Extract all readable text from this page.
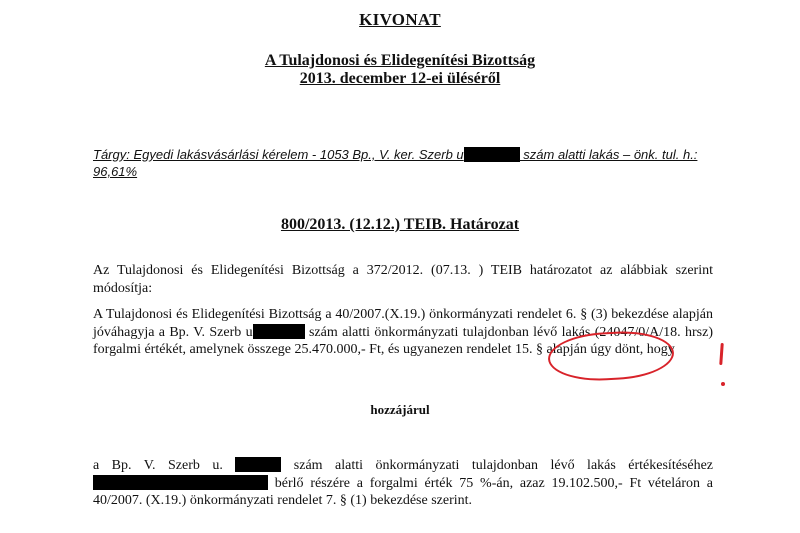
KIVONAT
A Tulajdonosi és Elidegenítési Bizottság
2013. december 12-ei üléséről
Tárgy: Egyedi lakásvásárlási kérelem - 1053 Bp., V. ker. Szerb u	szám alatti lakás – önk. tul. h.: 96,61%
800/2013. (12.12.) TEIB. Határozat
Az Tulajdonosi és Elidegenítési Bizottság a 372/2012. (07.13. ) TEIB határozatot az alábbiak szerint módosítja:
A Tulajdonosi és Elidegenítési Bizottság a 40/2007.(X.19.) önkormányzati rendelet 6. § (3) bekezdése alapján jóváhagyja a Bp. V. Szerb u	szám alatti önkormányzati tulajdonban lévő lakás (24047/0/A/18. hrsz) forgalmi értékét, amelynek összege 25.470.000,- Ft, és ugyanezen rendelet 15. § alapján úgy dönt, hogy
hozzájárul
a Bp. V. Szerb u.	szám alatti önkormányzati tulajdonban lévő lakás értékesítéséhez  bérlő részére a forgalmi érték 75 %-án, azaz 19.102.500,- Ft vételáron a 40/2007. (X.19.) önkormányzati rendelet 7. § (1) bekezdése szerint.
